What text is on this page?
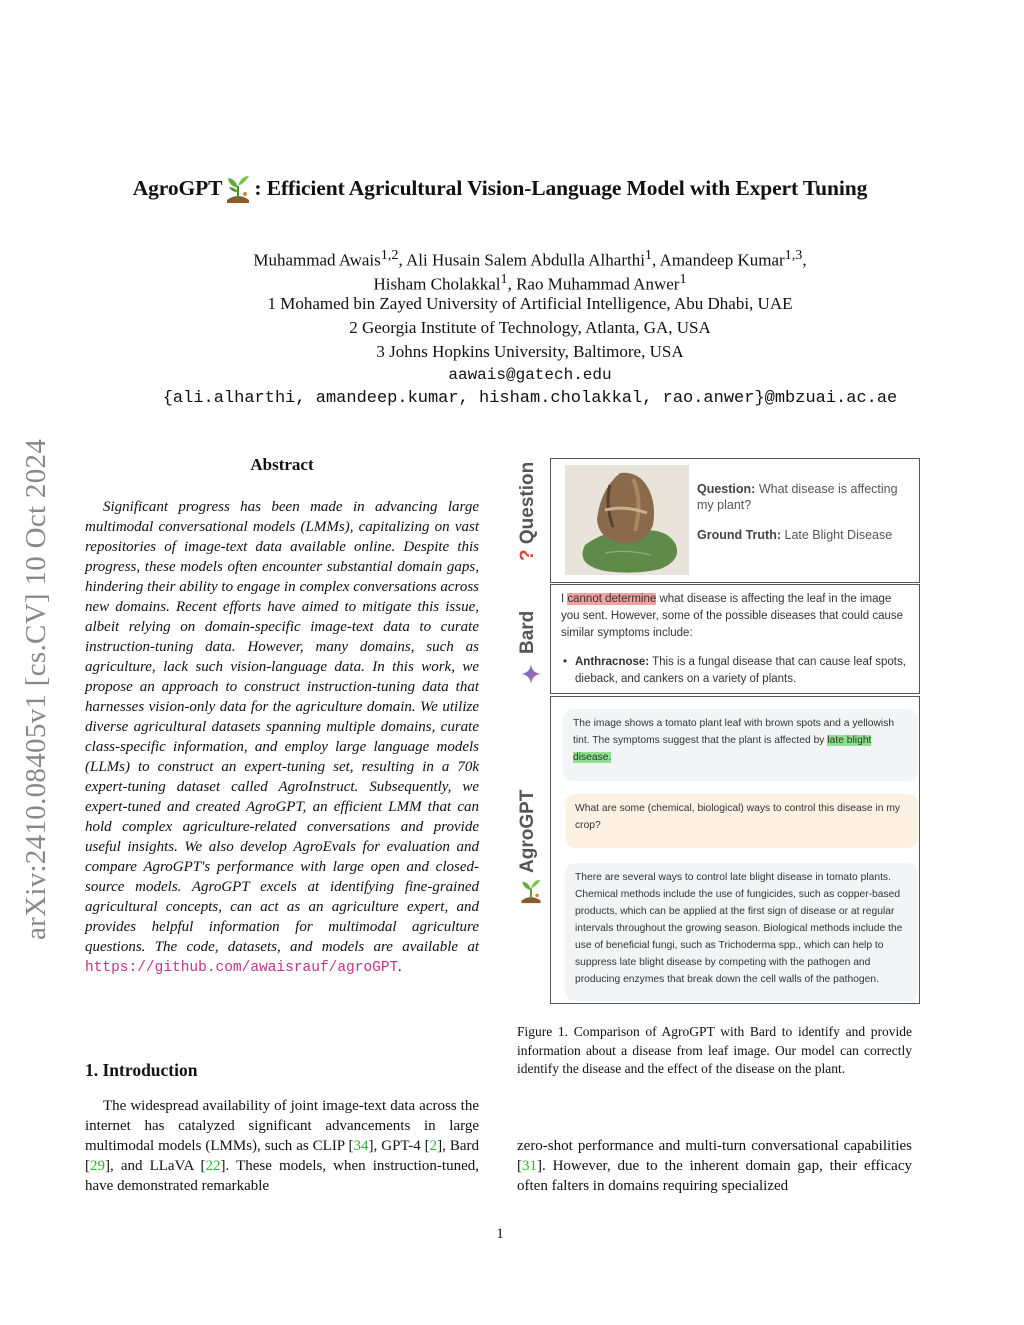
arXiv:2410.08405v1 [cs.CV] 10 Oct 2024
AgroGPT : Efficient Agricultural Vision-Language Model with Expert Tuning
Muhammad Awais$^{1,2}$, Ali Husain Salem Abdulla Alharthi$^1$, Amandeep Kumar$^{1,3}$,
Hisham Cholakkal$^1$, Rao Muhammad Anwer$^1$
1 Mohamed bin Zayed University of Artificial Intelligence, Abu Dhabi, UAE
2 Georgia Institute of Technology, Atlanta, GA, USA
3 Johns Hopkins University, Baltimore, USA
aawais@gatech.edu
{ali.alharthi, amandeep.kumar, hisham.cholakkal, rao.anwer}@mbzuai.ac.ae
Abstract
Significant progress has been made in advancing large multimodal conversational models (LMMs), capitalizing on vast repositories of image-text data available online. Despite this progress, these models often encounter substantial domain gaps, hindering their ability to engage in complex conversations across new domains. Recent efforts have aimed to mitigate this issue, albeit relying on domain-specific image-text data to curate instruction-tuning data. However, many domains, such as agriculture, lack such vision-language data. In this work, we propose an approach to construct instruction-tuning data that harnesses vision-only data for the agriculture domain. We utilize diverse agricultural datasets spanning multiple domains, curate class-specific information, and employ large language models (LLMs) to construct an expert-tuning set, resulting in a 70k expert-tuning dataset called AgroInstruct. Subsequently, we expert-tuned and created AgroGPT, an efficient LMM that can hold complex agriculture-related conversations and provide useful insights. We also develop AgroEvals for evaluation and compare AgroGPT's performance with large open and closed-source models. AgroGPT excels at identifying fine-grained agricultural concepts, can act as an agriculture expert, and provides helpful information for multimodal agriculture questions. The code, datasets, and models are available at https://github.com/awaisrauf/agroGPT.
1. Introduction
The widespread availability of joint image-text data across the internet has catalyzed significant advancements in large multimodal models (LMMs), such as CLIP [34], GPT-4 [2], Bard [29], and LLaVA [22]. These models, when instruction-tuned, have demonstrated remarkable
Question: What disease is affecting my plant?
Ground Truth: Late Blight Disease
I cannot determine what disease is affecting the leaf in the image you sent. However, some of the possible diseases that could cause similar symptoms include:
• Anthracnose: This is a fungal disease that can cause leaf spots, dieback, and cankers on a variety of plants.
The image shows a tomato plant leaf with brown spots and a yellowish tint. The symptoms suggest that the plant is affected by late blight
disease.
What are some (chemical, biological) ways to control this disease in my crop?
There are several ways to control late blight disease in tomato plants. Chemical methods include the use of fungicides, such as copper-based products, which can be applied at the first sign of disease or at regular intervals throughout the growing season. Biological methods include the use of beneficial fungi, such as Trichoderma spp., which can help to suppress late blight disease by competing with the pathogen and producing enzymes that break down the cell walls of the pathogen.
? Question
Bard
AgroGPT
Figure 1. Comparison of AgroGPT with Bard to identify and provide information about a disease from leaf image. Our model can correctly identify the disease and the effect of the disease on the plant.
zero-shot performance and multi-turn conversational capabilities [31]. However, due to the inherent domain gap, their efficacy often falters in domains requiring specialized
1
